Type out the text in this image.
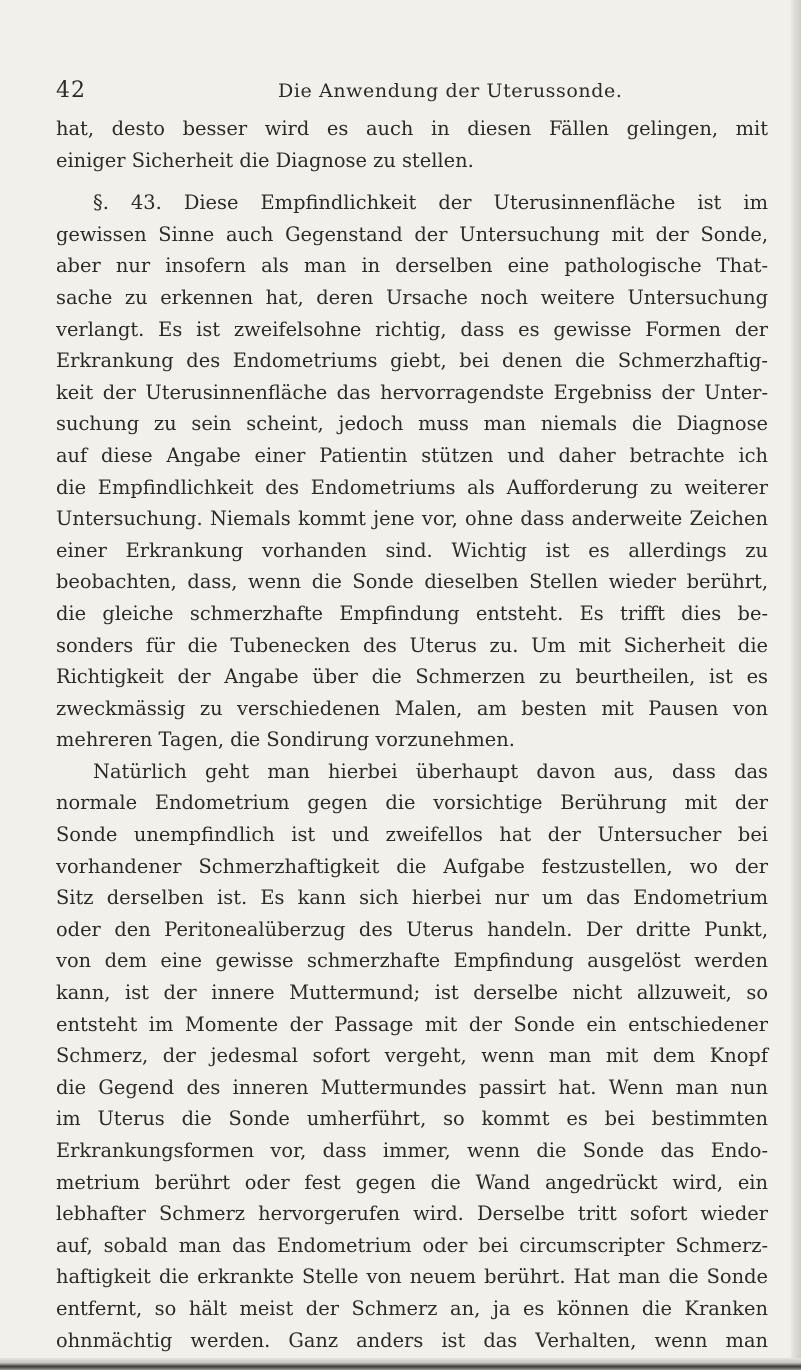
42	Die Anwendung der Uterussonde.

hat, desto besser wird es auch in diesen Fällen gelingen, mit
einiger Sicherheit die Diagnose zu stellen.

§. 43. Diese Empfindlichkeit der Uterusinnenfläche ist im
gewissen Sinne auch Gegenstand der Untersuchung mit der Sonde,
aber nur insofern als man in derselben eine pathologische That-
sache zu erkennen hat, deren Ursache noch weitere Untersuchung
verlangt. Es ist zweifelsohne richtig, dass es gewisse Formen der
Erkrankung des Endometriums giebt, bei denen die Schmerzhaftig-
keit der Uterusinnenfläche das hervorragendste Ergebniss der Unter-
suchung zu sein scheint, jedoch muss man niemals die Diagnose
auf diese Angabe einer Patientin stützen und daher betrachte ich
die Empfindlichkeit des Endometriums als Aufforderung zu weiterer
Untersuchung. Niemals kommt jene vor, ohne dass anderweite Zeichen
einer Erkrankung vorhanden sind. Wichtig ist es allerdings zu
beobachten, dass, wenn die Sonde dieselben Stellen wieder berührt,
die gleiche schmerzhafte Empfindung entsteht. Es trifft dies be-
sonders für die Tubenecken des Uterus zu. Um mit Sicherheit die
Richtigkeit der Angabe über die Schmerzen zu beurtheilen, ist es
zweckmässig zu verschiedenen Malen, am besten mit Pausen von
mehreren Tagen, die Sondirung vorzunehmen.

Natürlich geht man hierbei überhaupt davon aus, dass das
normale Endometrium gegen die vorsichtige Berührung mit der
Sonde unempfindlich ist und zweifellos hat der Untersucher bei
vorhandener Schmerzhaftigkeit die Aufgabe festzustellen, wo der
Sitz derselben ist. Es kann sich hierbei nur um das Endometrium
oder den Peritonealüberzug des Uterus handeln. Der dritte Punkt,
von dem eine gewisse schmerzhafte Empfindung ausgelöst werden
kann, ist der innere Muttermund; ist derselbe nicht allzuweit, so
entsteht im Momente der Passage mit der Sonde ein entschiedener
Schmerz, der jedesmal sofort vergeht, wenn man mit dem Knopf
die Gegend des inneren Muttermundes passirt hat. Wenn man nun
im Uterus die Sonde umherführt, so kommt es bei bestimmten
Erkrankungsformen vor, dass immer, wenn die Sonde das Endo-
metrium berührt oder fest gegen die Wand angedrückt wird, ein
lebhafter Schmerz hervorgerufen wird. Derselbe tritt sofort wieder
auf, sobald man das Endometrium oder bei circumscripter Schmerz-
haftigkeit die erkrankte Stelle von neuem berührt. Hat man die Sonde
entfernt, so hält meist der Schmerz an, ja es können die Kranken
ohnmächtig werden. Ganz anders ist das Verhalten, wenn man
